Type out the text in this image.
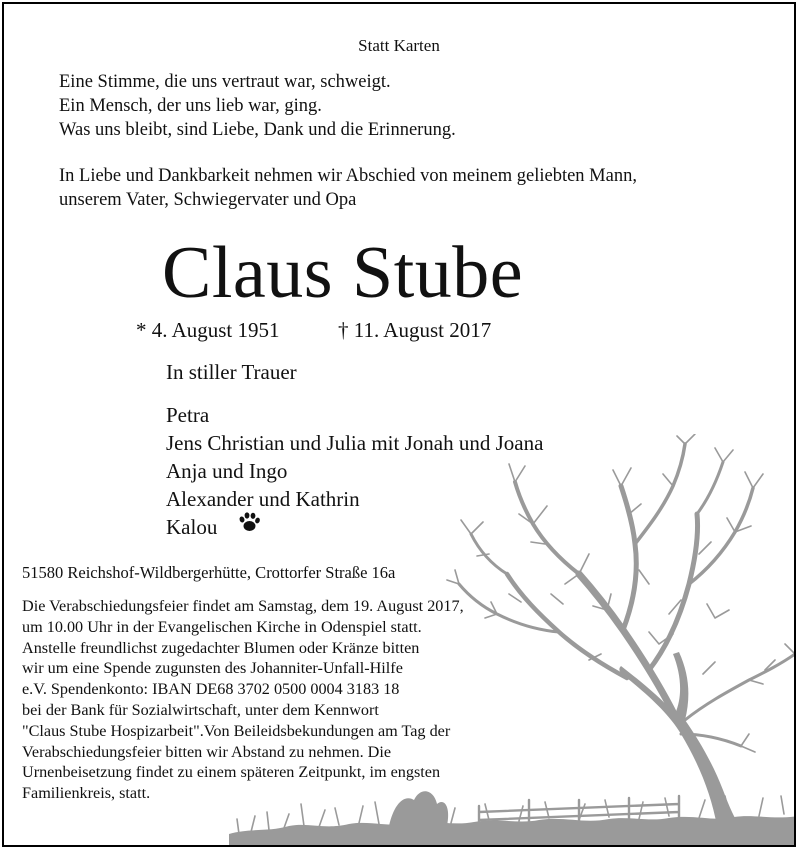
Statt Karten
Eine Stimme, die uns vertraut war, schweigt.
Ein Mensch, der uns lieb war, ging.
Was uns bleibt, sind Liebe, Dank und die Erinnerung.
In Liebe und Dankbarkeit nehmen wir Abschied von meinem geliebten Mann,
unserem Vater, Schwiegervater und Opa
Claus Stube
* 4. August 1951	† 11. August 2017
In stiller Trauer
Petra
Jens Christian und Julia mit Jonah und Joana
Anja und Ingo
Alexander und Kathrin
Kalou
51580 Reichshof-Wildbergerhütte, Crottorfer Straße 16a
Die Verabschiedungsfeier findet am Samstag, dem 19. August 2017,
um 10.00 Uhr in der Evangelischen Kirche in Odenspiel statt.
Anstelle freundlichst zugedachter Blumen oder Kränze bitten
wir um eine Spende zugunsten des Johanniter-Unfall-Hilfe
e.V. Spendenkonto: IBAN DE68 3702 0500 0004 3183 18
bei der Bank für Sozialwirtschaft, unter dem Kennwort
"Claus Stube Hospizarbeit".Von Beileidsbekundungen am Tag der
Verabschiedungsfeier bitten wir Abstand zu nehmen. Die
Urnenbeisetzung findet zu einem späteren Zeitpunkt, im engsten
Familienkreis, statt.
